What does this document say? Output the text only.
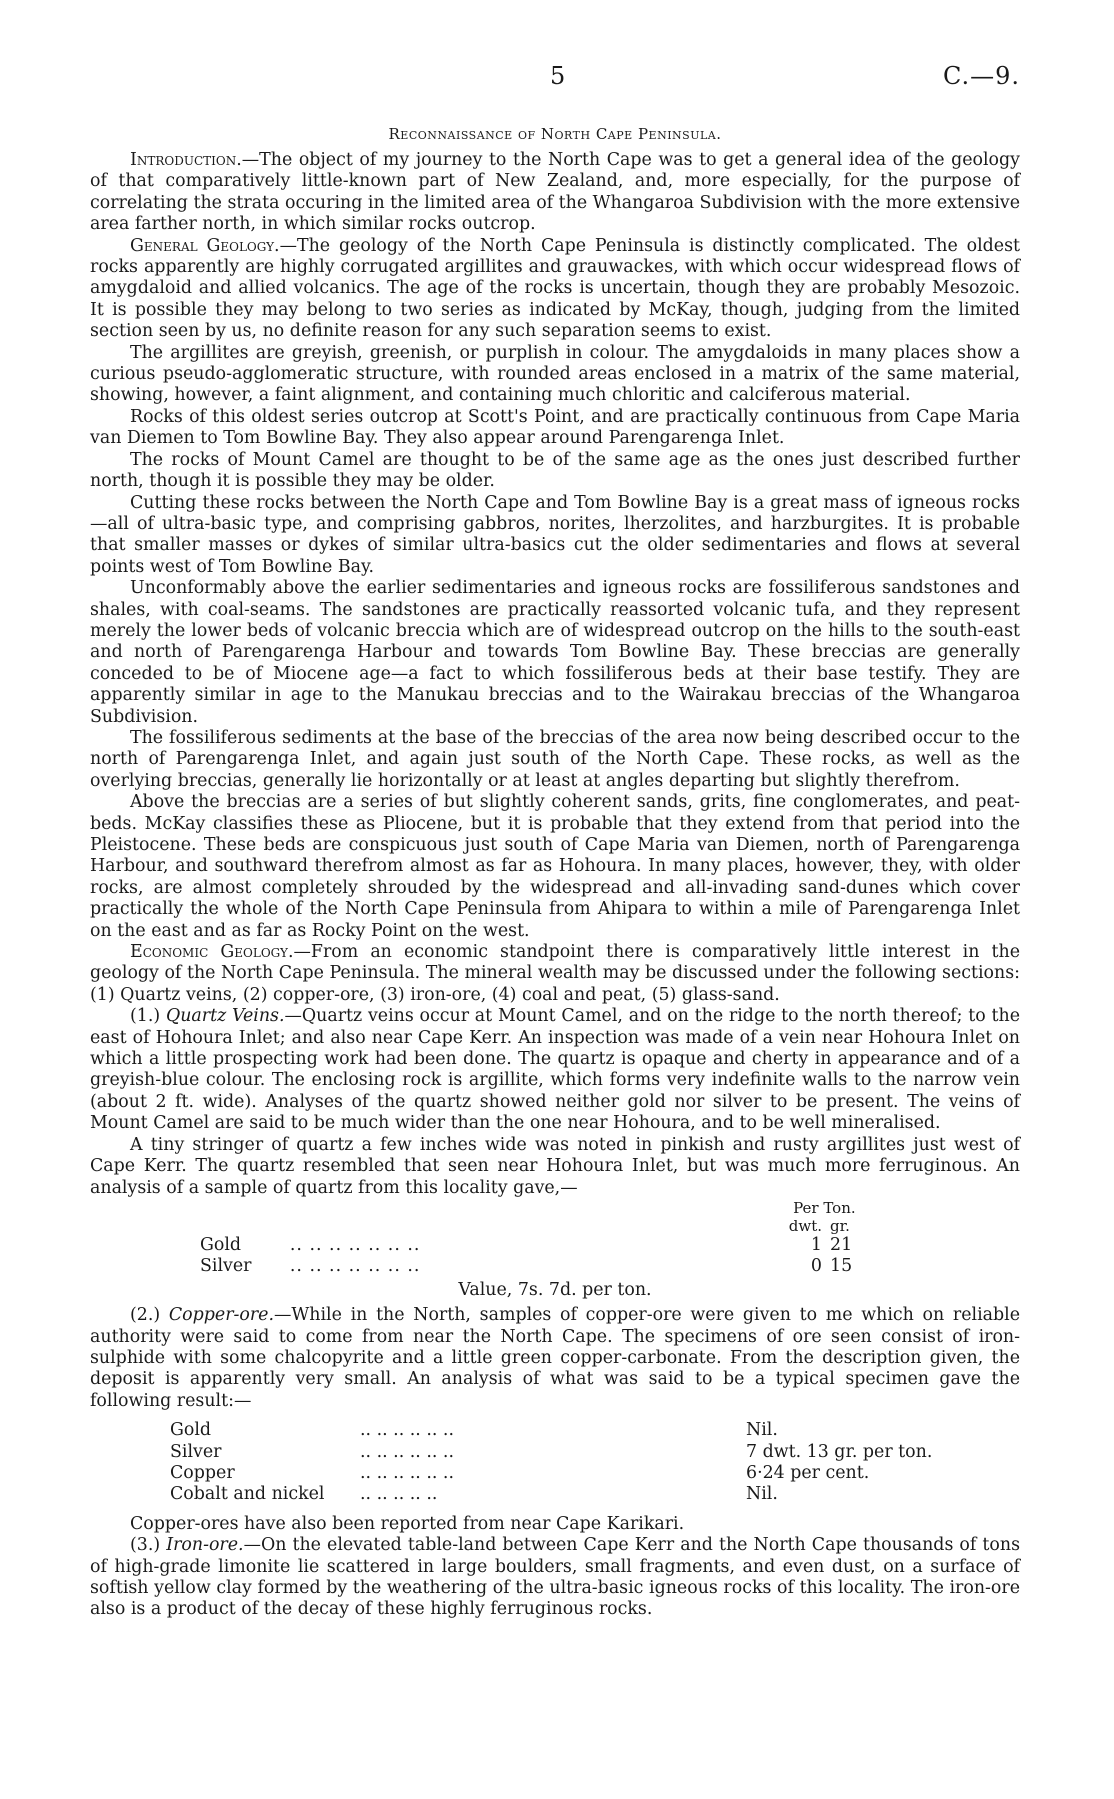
5	C.—9.
Reconnaissance of North Cape Peninsula.

Introduction.—The object of my journey to the North Cape was to get a general idea of the geology of that comparatively little-known part of New Zealand, and, more especially, for the purpose of correlating the strata occuring in the limited area of the Whangaroa Subdivision with the more extensive area farther north, in which similar rocks outcrop.

General Geology.—The geology of the North Cape Peninsula is distinctly complicated. The oldest rocks apparently are highly corrugated argillites and grauwackes, with which occur widespread flows of amygdaloid and allied volcanics. The age of the rocks is uncertain, though they are probably Mesozoic. It is possible they may belong to two series as indicated by McKay, though, judging from the limited section seen by us, no definite reason for any such separation seems to exist.

The argillites are greyish, greenish, or purplish in colour. The amygdaloids in many places show a curious pseudo-agglomeratic structure, with rounded areas enclosed in a matrix of the same material, showing, however, a faint alignment, and containing much chloritic and calciferous material.

Rocks of this oldest series outcrop at Scott's Point, and are practically continuous from Cape Maria van Diemen to Tom Bowline Bay. They also appear around Parengarenga Inlet.

The rocks of Mount Camel are thought to be of the same age as the ones just described further north, though it is possible they may be older.

Cutting these rocks between the North Cape and Tom Bowline Bay is a great mass of igneous rocks —all of ultra-basic type, and comprising gabbros, norites, lherzolites, and harzburgites. It is probable that smaller masses or dykes of similar ultra-basics cut the older sedimentaries and flows at several points west of Tom Bowline Bay.

Unconformably above the earlier sedimentaries and igneous rocks are fossiliferous sandstones and shales, with coal-seams. The sandstones are practically reassorted volcanic tufa, and they represent merely the lower beds of volcanic breccia which are of widespread outcrop on the hills to the south-east and north of Parengarenga Harbour and towards Tom Bowline Bay. These breccias are generally conceded to be of Miocene age—a fact to which fossiliferous beds at their base testify. They are apparently similar in age to the Manukau breccias and to the Wairakau breccias of the Whangaroa Subdivision.

The fossiliferous sediments at the base of the breccias of the area now being described occur to the north of Parengarenga Inlet, and again just south of the North Cape. These rocks, as well as the overlying breccias, generally lie horizontally or at least at angles departing but slightly therefrom.

Above the breccias are a series of but slightly coherent sands, grits, fine conglomerates, and peat-beds. McKay classifies these as Pliocene, but it is probable that they extend from that period into the Pleistocene. These beds are conspicuous just south of Cape Maria van Diemen, north of Parengarenga Harbour, and southward therefrom almost as far as Hohoura. In many places, however, they, with older rocks, are almost completely shrouded by the widespread and all-invading sand-dunes which cover practically the whole of the North Cape Peninsula from Ahipara to within a mile of Parengarenga Inlet on the east and as far as Rocky Point on the west.

Economic Geology.—From an economic standpoint there is comparatively little interest in the geology of the North Cape Peninsula. The mineral wealth may be discussed under the following sections: (1) Quartz veins, (2) copper-ore, (3) iron-ore, (4) coal and peat, (5) glass-sand.

(1.) Quartz Veins.—Quartz veins occur at Mount Camel, and on the ridge to the north thereof; to the east of Hohoura Inlet; and also near Cape Kerr. An inspection was made of a vein near Hohoura Inlet on which a little prospecting work had been done. The quartz is opaque and cherty in appearance and of a greyish-blue colour. The enclosing rock is argillite, which forms very indefinite walls to the narrow vein (about 2 ft. wide). Analyses of the quartz showed neither gold nor silver to be present. The veins of Mount Camel are said to be much wider than the one near Hohoura, and to be well mineralised.

A tiny stringer of quartz a few inches wide was noted in pinkish and rusty argillites just west of Cape Kerr. The quartz resembled that seen near Hohoura Inlet, but was much more ferruginous. An analysis of a sample of quartz from this locality gave,—

		Per Ton.	
		dwt.	gr.
Gold	.. .. .. .. .. .. ..	1	21
Silver	.. .. .. .. .. .. ..	0	15
Value, 7s. 7d. per ton.

(2.) Copper-ore.—While in the North, samples of copper-ore were given to me which on reliable authority were said to come from near the North Cape. The specimens of ore seen consist of iron-sulphide with some chalcopyrite and a little green copper-carbonate. From the description given, the deposit is apparently very small. An analysis of what was said to be a typical specimen gave the following result:—

Gold	.. .. .. .. .. ..	Nil.
Silver	.. .. .. .. .. ..	7 dwt. 13 gr. per ton.
Copper	.. .. .. .. .. ..	6·24 per cent.
Cobalt and nickel	.. .. .. .. ..	Nil.

Copper-ores have also been reported from near Cape Karikari.

(3.) Iron-ore.—On the elevated table-land between Cape Kerr and the North Cape thousands of tons of high-grade limonite lie scattered in large boulders, small fragments, and even dust, on a surface of softish yellow clay formed by the weathering of the ultra-basic igneous rocks of this locality. The iron-ore also is a product of the decay of these highly ferruginous rocks.
